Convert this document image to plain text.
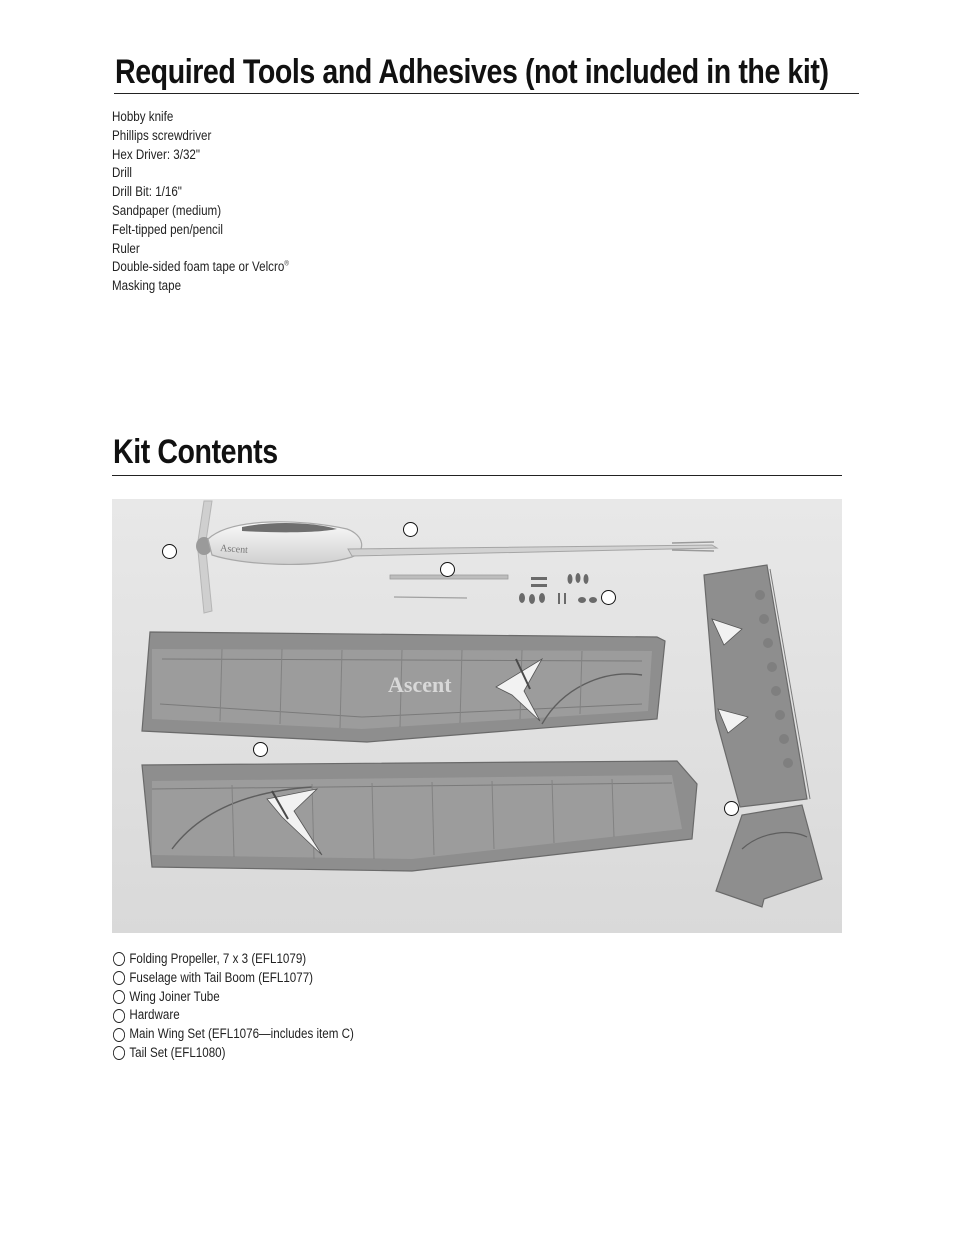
Required Tools and Adhesives (not included in the kit)
Hobby knife
Phillips screwdriver
Hex Driver: 3/32"
Drill
Drill Bit: 1/16"
Sandpaper (medium)
Felt-tipped pen/pencil
Ruler
Double-sided foam tape or Velcro®
Masking tape
Kit Contents
Ascent
Ascent
Folding Propeller, 7 x 3 (EFL1079)
Fuselage with Tail Boom (EFL1077)
Wing Joiner Tube
Hardware
Main Wing Set (EFL1076—includes item C)
Tail Set (EFL1080)
